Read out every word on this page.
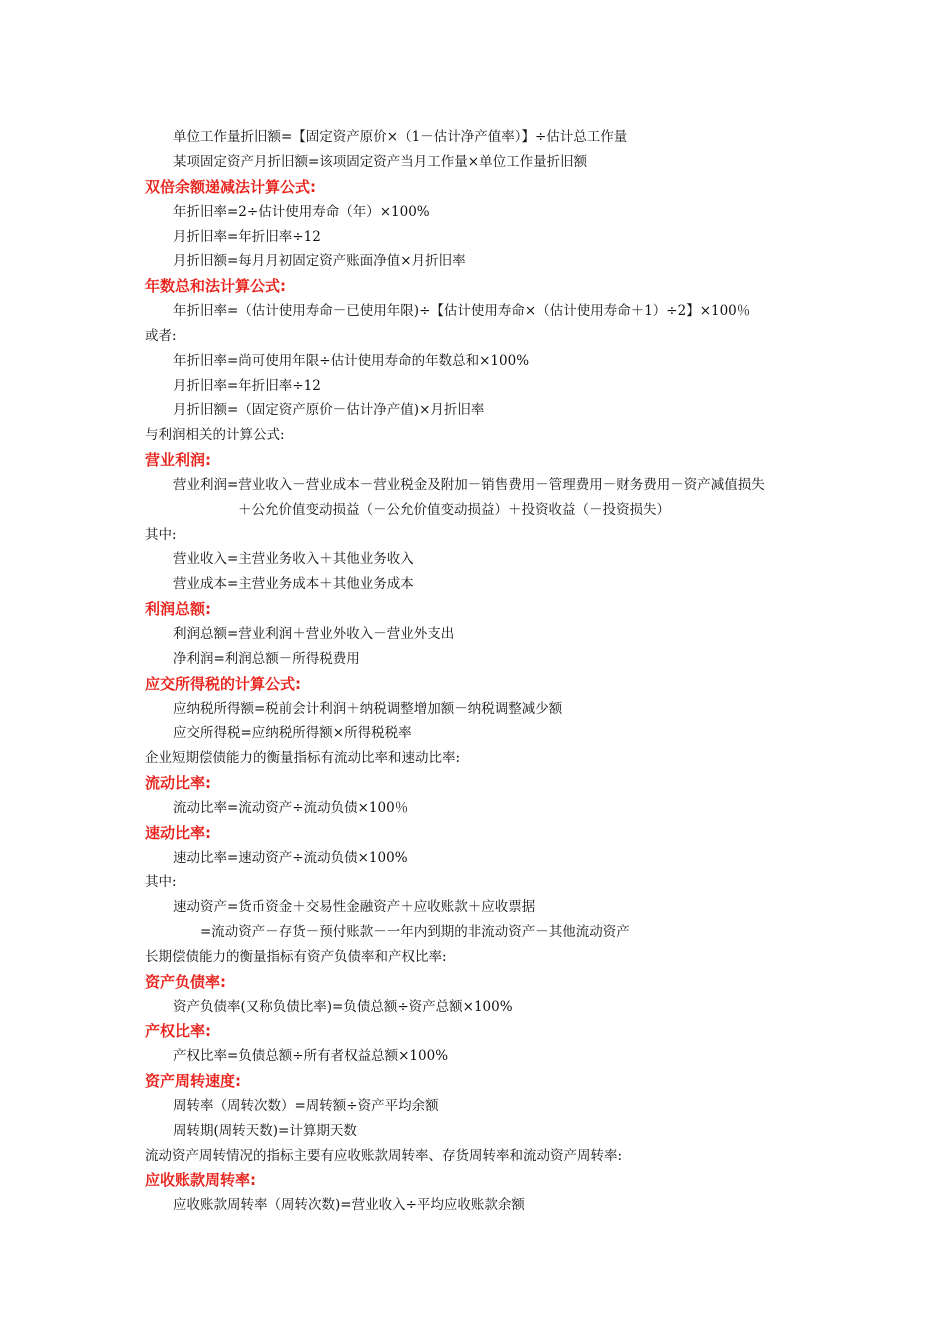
单位工作量折旧额=【固定资产原价×（1－估计净产值率）】÷估计总工作量
某项固定资产月折旧额=该项固定资产当月工作量×单位工作量折旧额
双倍余额递减法计算公式:
年折旧率=2÷估计使用寿命（年）×100%
月折旧率=年折旧率÷12
月折旧额=每月月初固定资产账面净值×月折旧率
年数总和法计算公式:
年折旧率=（估计使用寿命－已使用年限)÷【估计使用寿命×（估计使用寿命＋1）÷2】×100％
或者:
年折旧率=尚可使用年限÷估计使用寿命的年数总和×100%
月折旧率=年折旧率÷12
月折旧额=（固定资产原价－估计净产值)×月折旧率
与利润相关的计算公式:
营业利润:
营业利润=营业收入－营业成本－营业税金及附加－销售费用－管理费用－财务费用－资产减值损失
＋公允价值变动损益（－公允价值变动损益）＋投资收益（－投资损失）
其中:
营业收入=主营业务收入＋其他业务收入
营业成本=主营业务成本＋其他业务成本
利润总额:
利润总额=营业利润＋营业外收入－营业外支出
净利润=利润总额－所得税费用
应交所得税的计算公式:
应纳税所得额=税前会计利润＋纳税调整增加额－纳税调整减少额
应交所得税=应纳税所得额×所得税税率
企业短期偿债能力的衡量指标有流动比率和速动比率:
流动比率:
流动比率=流动资产÷流动负债×100％
速动比率:
速动比率=速动资产÷流动负债×100%
其中:
速动资产=货币资金＋交易性金融资产＋应收账款＋应收票据
=流动资产－存货－预付账款－一年内到期的非流动资产－其他流动资产
长期偿债能力的衡量指标有资产负债率和产权比率:
资产负债率:
资产负债率(又称负债比率)=负债总额÷资产总额×100%
产权比率:
产权比率=负债总额÷所有者权益总额×100%
资产周转速度:
周转率（周转次数）=周转额÷资产平均余额
周转期(周转天数)=计算期天数
流动资产周转情况的指标主要有应收账款周转率、存货周转率和流动资产周转率:
应收账款周转率:
应收账款周转率（周转次数)=营业收入÷平均应收账款余额
